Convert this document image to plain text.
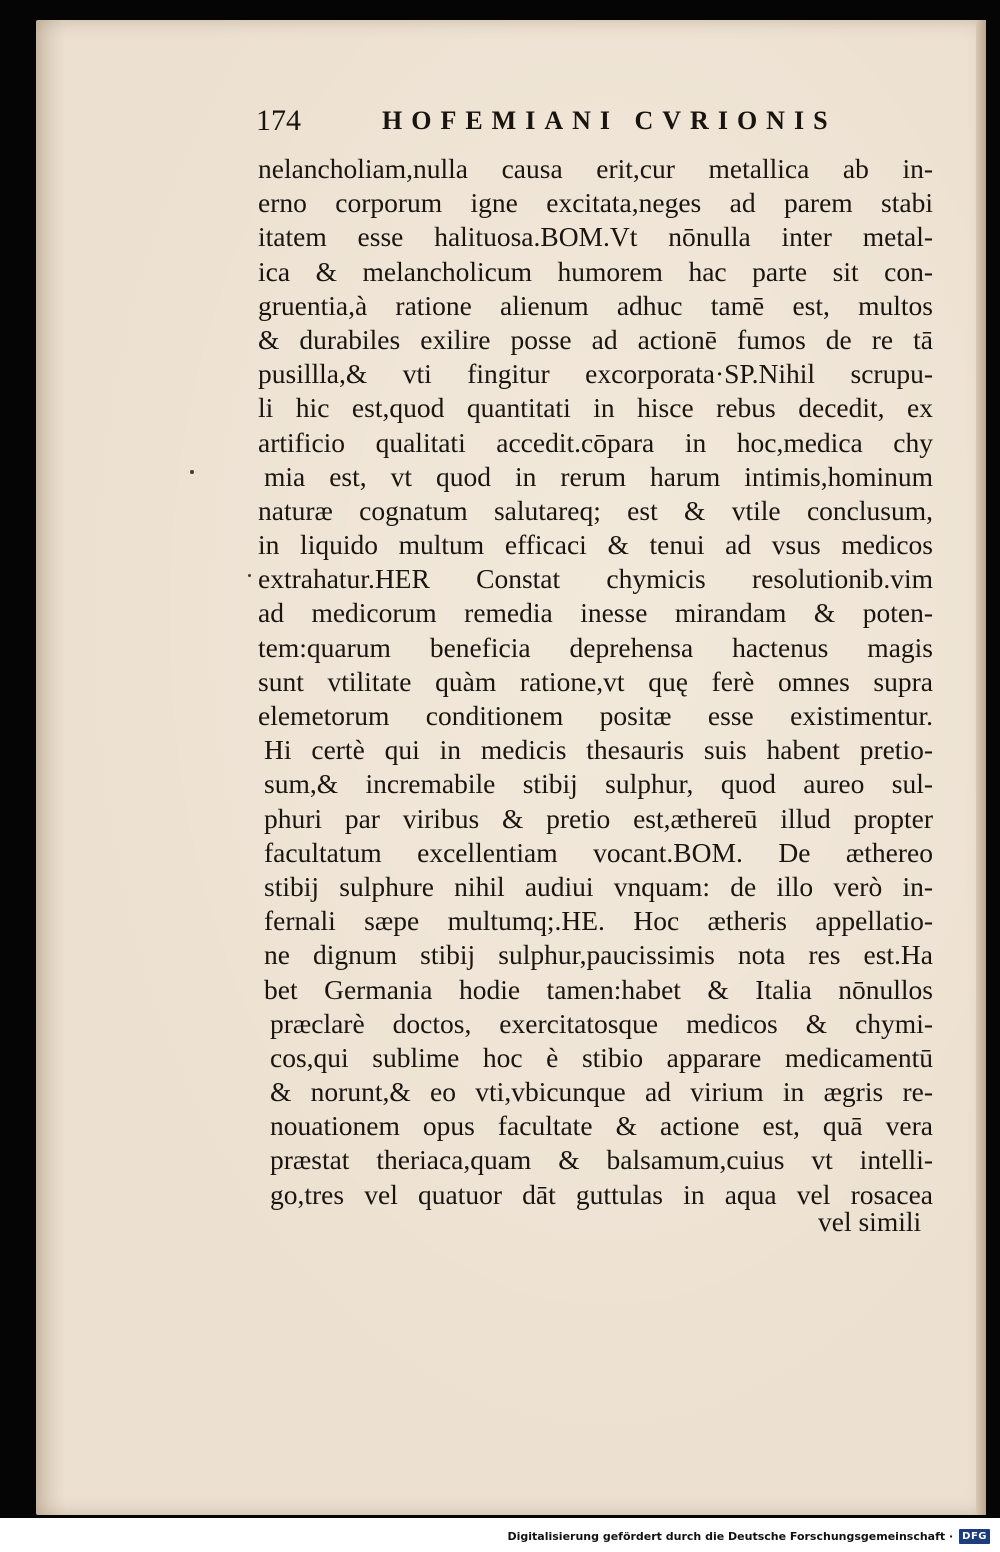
174	HOFEMIANI CVRIONIS
nelancholiam,nulla causa erit,cur metallica ab in-
erno corporum igne excitata,neges ad parem stabi
itatem esse halituosa.BOM.Vt nōnulla inter metal-
ica & melancholicum humorem hac parte sit con-
gruentia,à ratione alienum adhuc tamē est, multos
& durabiles exilire posse ad actionē fumos de re tā
pusillla,& vti fingitur excorporata·SP.Nihil scrupu-
li hic est,quod quantitati in hisce rebus decedit, ex
artificio qualitati accedit.cōpara in hoc,medica chy
mia est, vt quod in rerum harum intimis,hominum
naturæ cognatum salutareq; est & vtile conclusum,
in liquido multum efficaci & tenui ad vsus medicos
extrahatur.HER Constat chymicis resolutionib.vim
ad medicorum remedia inesse mirandam & poten-
tem:quarum beneficia deprehensa hactenus magis
sunt vtilitate quàm ratione,vt quę ferè omnes supra
elemetorum conditionem positæ esse existimentur.
Hi certè qui in medicis thesauris suis habent pretio-
sum,& incremabile stibij sulphur, quod aureo sul-
phuri par viribus & pretio est,æthereū illud propter
facultatum excellentiam vocant.BOM. De æthereo
stibij sulphure nihil audiui vnquam: de illo verò in-
fernali sæpe multumq;.HE. Hoc ætheris appellatio-
ne dignum stibij sulphur,paucissimis nota res est.Ha
bet Germania hodie tamen:habet & Italia nōnullos
præclarè doctos, exercitatosque medicos & chymi-
cos,qui sublime hoc è stibio apparare medicamentū
& norunt,& eo vti,vbicunque ad virium in ægris re-
nouationem opus facultate & actione est, quā vera
præstat theriaca,quam & balsamum,cuius vt intelli-
go,tres vel quatuor dāt guttulas in aqua vel rosacea
vel simili
Digitalisierung gefördert durch die Deutsche Forschungsgemeinschaft · DFG
